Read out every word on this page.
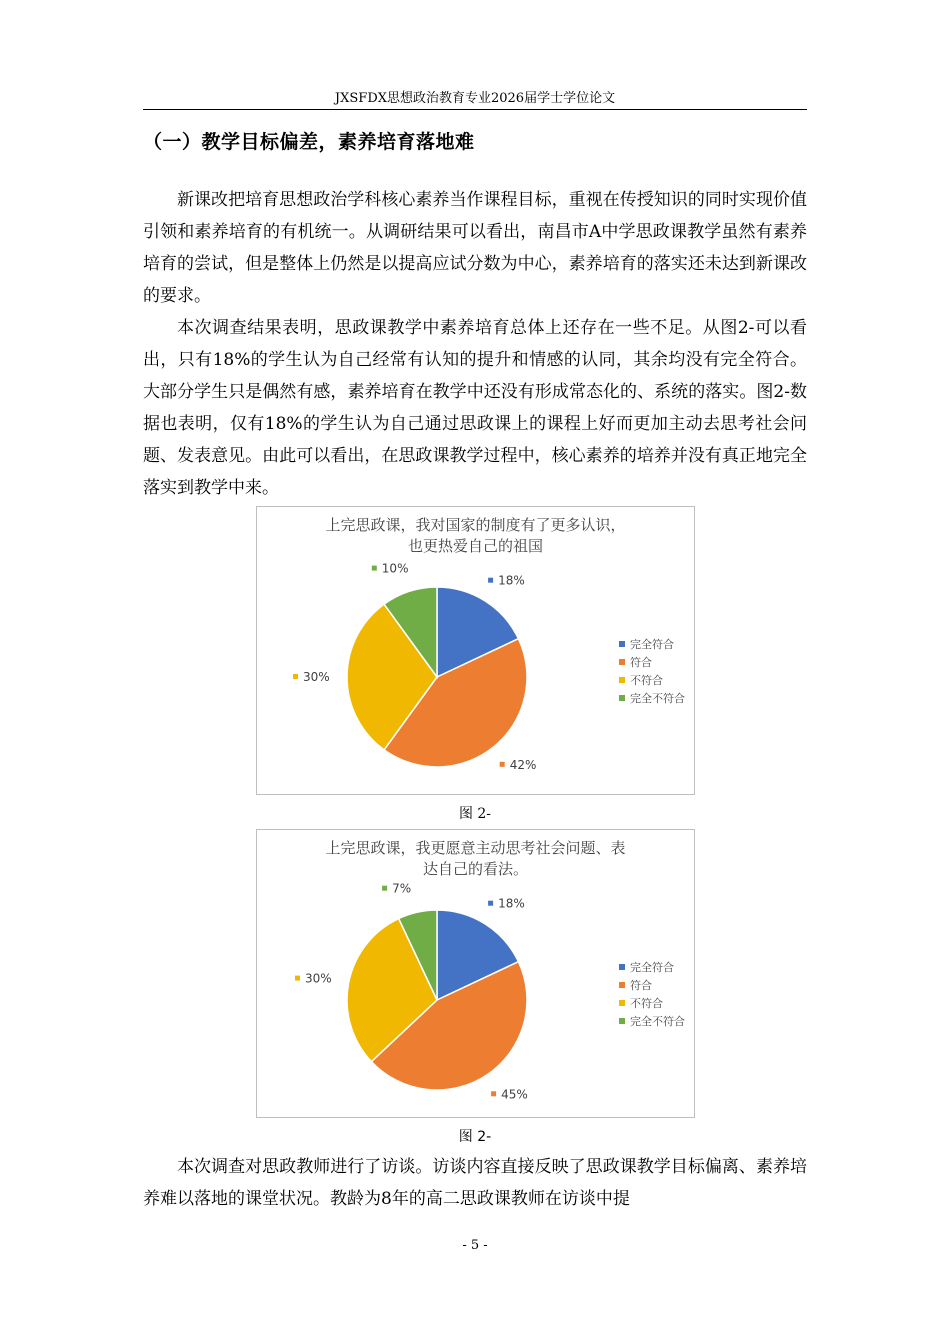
JXSFDX思想政治教育专业2026届学士学位论文
（一）教学目标偏差，素养培育落地难

新课改把培育思想政治学科核心素养当作课程目标，重视在传授知识的同时实现价值引领和素养培育的有机统一。从调研结果可以看出，南昌市A中学思政课教学虽然有素养培育的尝试，但是整体上仍然是以提高应试分数为中心，素养培育的落实还未达到新课改的要求。

本次调查结果表明，思政课教学中素养培育总体上还存在一些不足。从图2-可以看出，只有18%的学生认为自己经常有认知的提升和情感的认同，其余均没有完全符合。大部分学生只是偶然有感，素养培育在教学中还没有形成常态化的、系统的落实。图2-数据也表明，仅有18%的学生认为自己通过思政课上的课程上好而更加主动去思考社会问题、发表意见。由此可以看出，在思政课教学过程中，核心素养的培养并没有真正地完全落实到教学中来。

18%
42%
30%
10%
完全符合
符合
不符合
完全不符合
上完思政课，我对国家的制度有了更多认识，
也更热爱自己的祖国
图 2-
18%
45%
30%
7%
完全符合
符合
不符合
完全不符合
上完思政课，我更愿意主动思考社会问题、表
达自己的看法。
图 2-

本次调查对思政教师进行了访谈。访谈内容直接反映了思政课教学目标偏离、素养培养难以落地的课堂状况。教龄为8年的高二思政课教师在访谈中提

- 5 -
